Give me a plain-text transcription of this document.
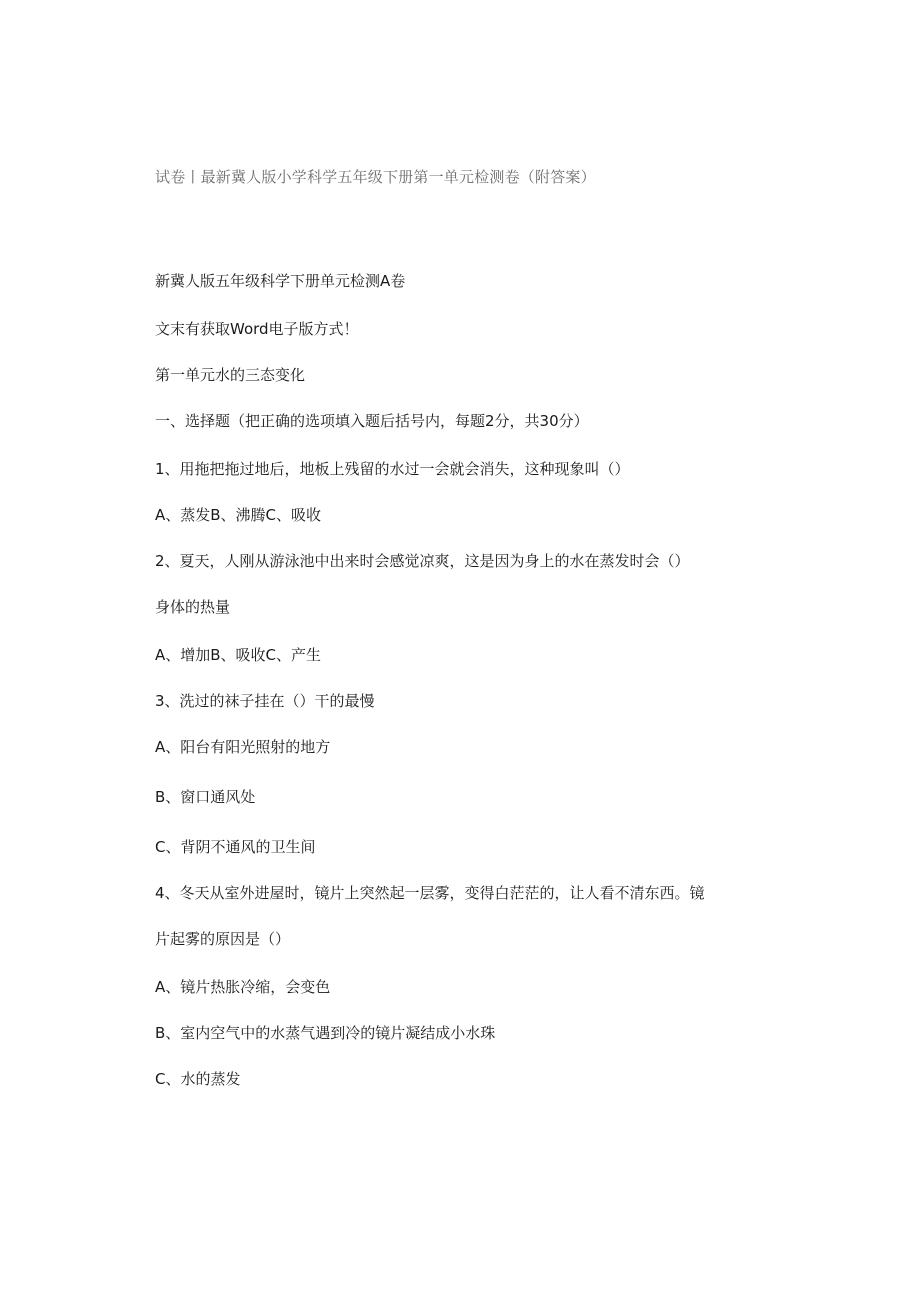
试卷丨最新冀人版小学科学五年级下册第一单元检测卷（附答案）
新冀人版五年级科学下册单元检测A卷
文末有获取Word电子版方式！
第一单元水的三态变化
一、选择题（把正确的选项填入题后括号内，每题2分，共30分）
1、用拖把拖过地后，地板上残留的水过一会就会消失，这种现象叫（）
A、蒸发B、沸腾C、吸收
2、夏天，人刚从游泳池中出来时会感觉凉爽，这是因为身上的水在蒸发时会（）
身体的热量
A、增加B、吸收C、产生
3、洗过的袜子挂在（）干的最慢
A、阳台有阳光照射的地方
B、窗口通风处
C、背阴不通风的卫生间
4、冬天从室外进屋时，镜片上突然起一层雾，变得白茫茫的，让人看不清东西。镜
片起雾的原因是（）
A、镜片热胀冷缩，会变色
B、室内空气中的水蒸气遇到冷的镜片凝结成小水珠
C、水的蒸发
